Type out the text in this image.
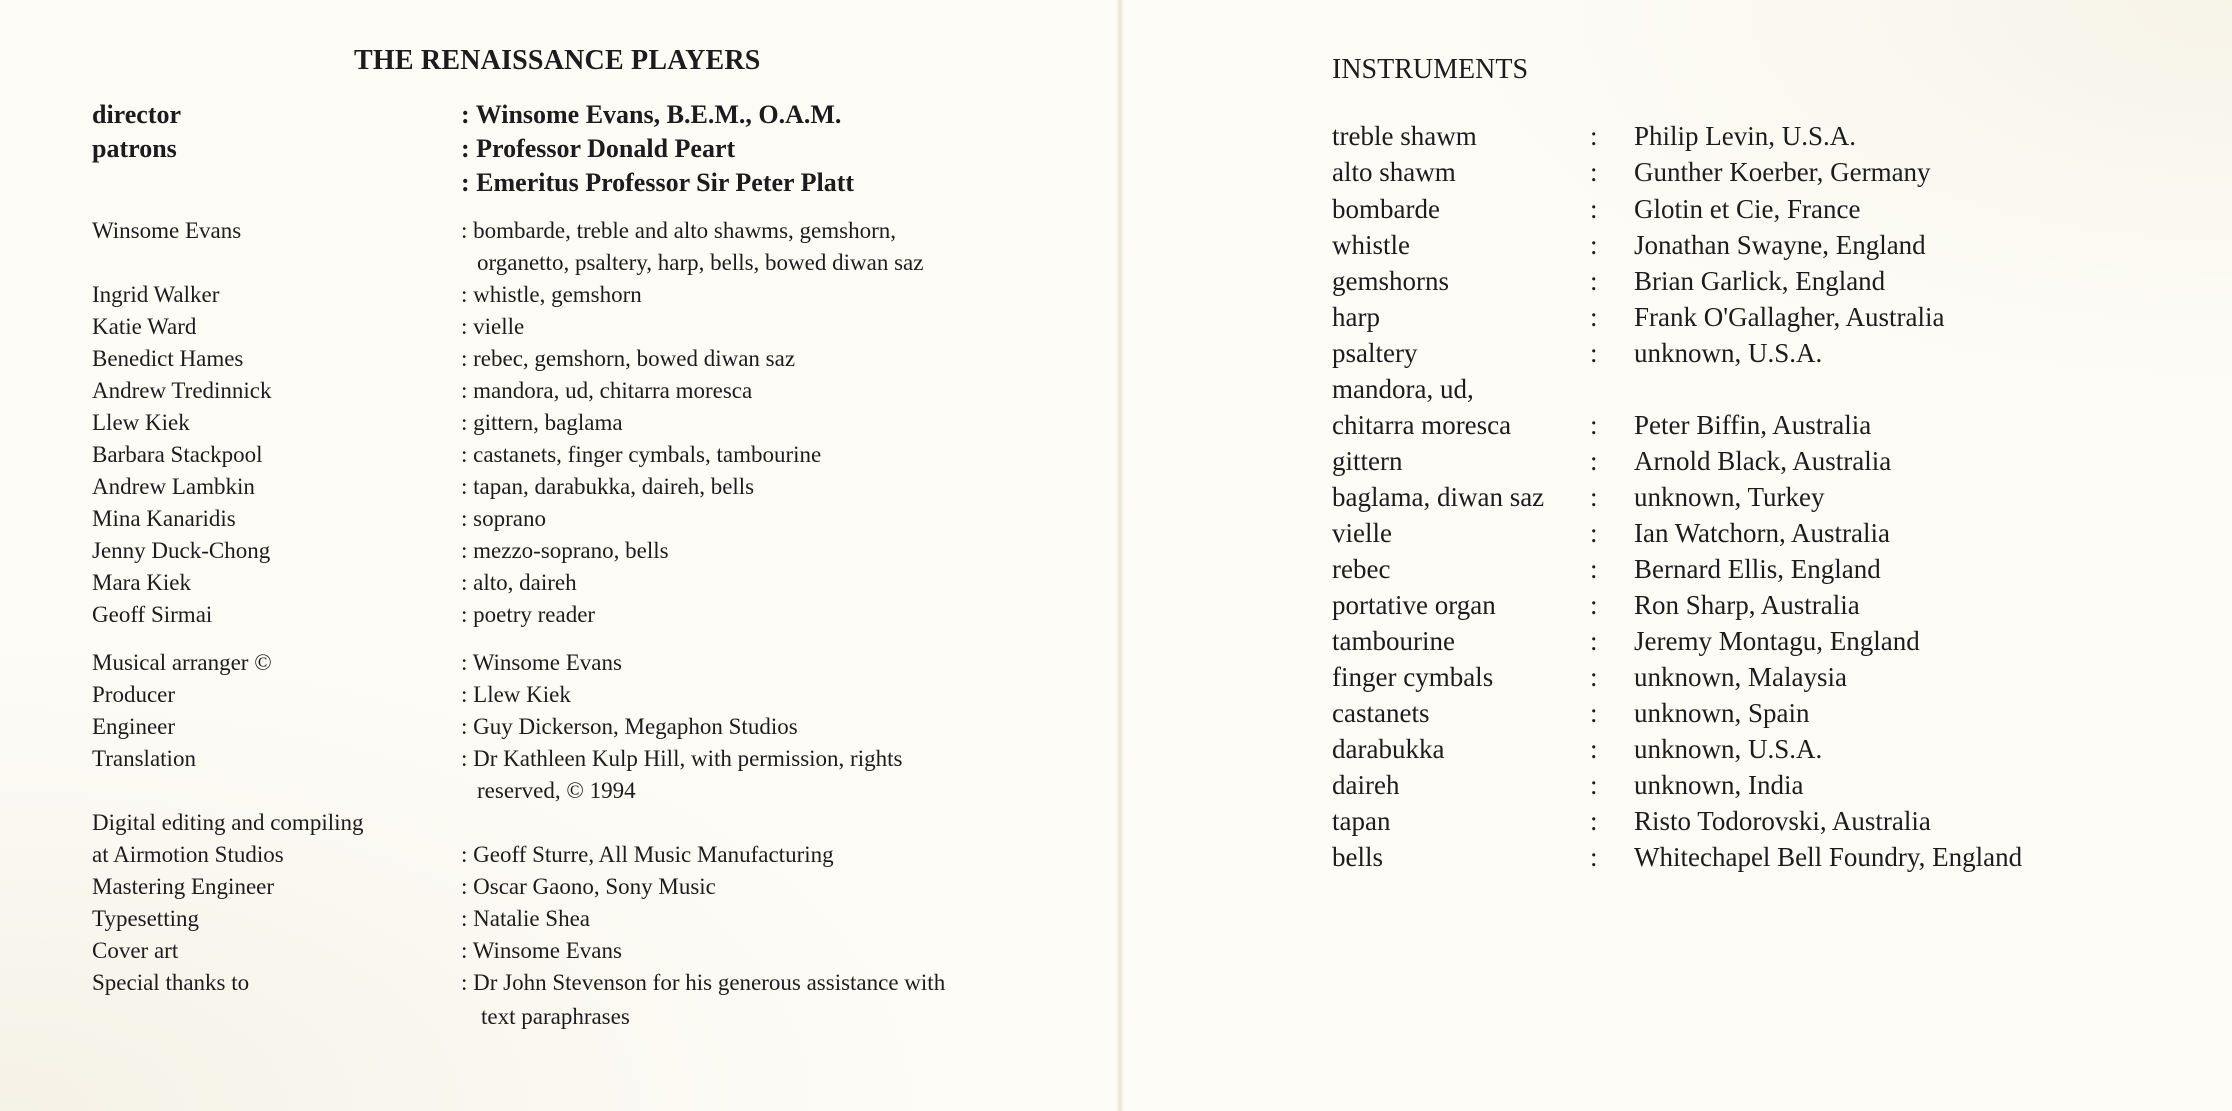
THE RENAISSANCE PLAYERS
director	: Winsome Evans, B.E.M., O.A.M.
patrons	: Professor Donald Peart
: Emeritus Professor Sir Peter Platt
Winsome Evans	: bombarde, treble and alto shawms, gemshorn,
organetto, psaltery, harp, bells, bowed diwan saz
Ingrid Walker	: whistle, gemshorn
Katie Ward	: vielle
Benedict Hames	: rebec, gemshorn, bowed diwan saz
Andrew Tredinnick	: mandora, ud, chitarra moresca
Llew Kiek	: gittern, baglama
Barbara Stackpool	: castanets, finger cymbals, tambourine
Andrew Lambkin	: tapan, darabukka, daireh, bells
Mina Kanaridis	: soprano
Jenny Duck-Chong	: mezzo-soprano, bells
Mara Kiek	: alto, daireh
Geoff Sirmai	: poetry reader
Musical arranger ©	: Winsome Evans
Producer	: Llew Kiek
Engineer	: Guy Dickerson, Megaphon Studios
Translation	: Dr Kathleen Kulp Hill, with permission, rights
reserved, © 1994
Digital editing and compiling
at Airmotion Studios	: Geoff Sturre, All Music Manufacturing
Mastering Engineer	: Oscar Gaono, Sony Music
Typesetting	: Natalie Shea
Cover art	: Winsome Evans
Special thanks to	: Dr John Stevenson for his generous assistance with
text paraphrases
INSTRUMENTS
treble shawm	: Philip Levin, U.S.A.
alto shawm	: Gunther Koerber, Germany
bombarde	: Glotin et Cie, France
whistle	: Jonathan Swayne, England
gemshorns	: Brian Garlick, England
harp	: Frank O'Gallagher, Australia
psaltery	: unknown, U.S.A.
mandora, ud,
chitarra moresca	: Peter Biffin, Australia
gittern	: Arnold Black, Australia
baglama, diwan saz : unknown, Turkey
vielle	: Ian Watchorn, Australia
rebec	: Bernard Ellis, England
portative organ	: Ron Sharp, Australia
tambourine	: Jeremy Montagu, England
finger cymbals	: unknown, Malaysia
castanets	: unknown, Spain
darabukka	: unknown, U.S.A.
daireh	: unknown, India
tapan	: Risto Todorovski, Australia
bells	: Whitechapel Bell Foundry, England
